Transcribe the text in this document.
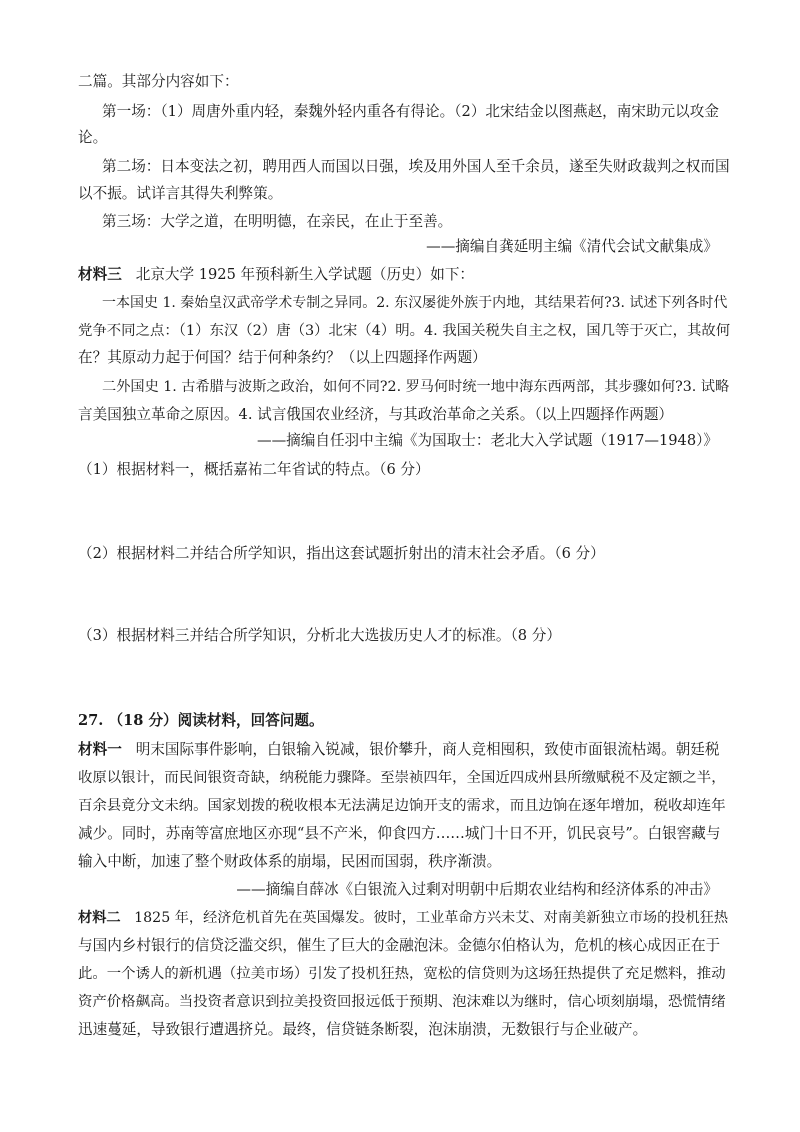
二篇。其部分内容如下：
第一场：（1）周唐外重内轻，秦魏外轻内重各有得论。（2）北宋结金以图燕赵，南宋助元以攻金
论。
第二场：日本变法之初，聘用西人而国以日强，埃及用外国人至千余员，遂至失财政裁判之权而国
以不振。试详言其得失利弊策。
第三场：大学之道，在明明德，在亲民，在止于至善。
——摘编自龚延明主编《清代会试文献集成》
材料三 北京大学 1925 年预科新生入学试题（历史）如下：
一本国史 1. 秦始皇汉武帝学术专制之异同。2. 东汉屡徙外族于内地，其结果若何?3. 试述下列各时代
党争不同之点：（1）东汉（2）唐（3）北宋（4）明。4. 我国关税失自主之权，国几等于灭亡，其故何
在？其原动力起于何国？结于何种条约？（以上四题择作两题）
二外国史 1. 古希腊与波斯之政治，如何不同?2. 罗马何时统一地中海东西两部，其步骤如何?3. 试略
言美国独立革命之原因。4. 试言俄国农业经济，与其政治革命之关系。（以上四题择作两题）
——摘编自任羽中主编《为国取士：老北大入学试题（1917—1948）》
（1）根据材料一，概括嘉祐二年省试的特点。（6 分）
（2）根据材料二并结合所学知识，指出这套试题折射出的清末社会矛盾。（6 分）
（3）根据材料三并结合所学知识，分析北大选拔历史人才的标准。（8 分）
27. （18 分）阅读材料，回答问题。
材料一 明末国际事件影响，白银输入锐减，银价攀升，商人竞相囤积，致使市面银流枯竭。朝廷税
收原以银计，而民间银资奇缺，纳税能力骤降。至崇祯四年，全国近四成州县所缴赋税不及定额之半，
百余县竟分文未纳。国家划拨的税收根本无法满足边饷开支的需求，而且边饷在逐年增加，税收却连年
减少。同时，苏南等富庶地区亦现“县不产米，仰食四方……城门十日不开，饥民哀号”。白银窖藏与
输入中断，加速了整个财政体系的崩塌，民困而国弱，秩序渐溃。
——摘编自薛冰《白银流入过剩对明朝中后期农业结构和经济体系的冲击》
材料二 1825 年，经济危机首先在英国爆发。彼时，工业革命方兴未艾、对南美新独立市场的投机狂热
与国内乡村银行的信贷泛滥交织，催生了巨大的金融泡沫。金德尔伯格认为，危机的核心成因正在于
此。一个诱人的新机遇（拉美市场）引发了投机狂热，宽松的信贷则为这场狂热提供了充足燃料，推动
资产价格飙高。当投资者意识到拉美投资回报远低于预期、泡沫难以为继时，信心顷刻崩塌，恐慌情绪
迅速蔓延，导致银行遭遇挤兑。最终，信贷链条断裂，泡沫崩溃，无数银行与企业破产。
